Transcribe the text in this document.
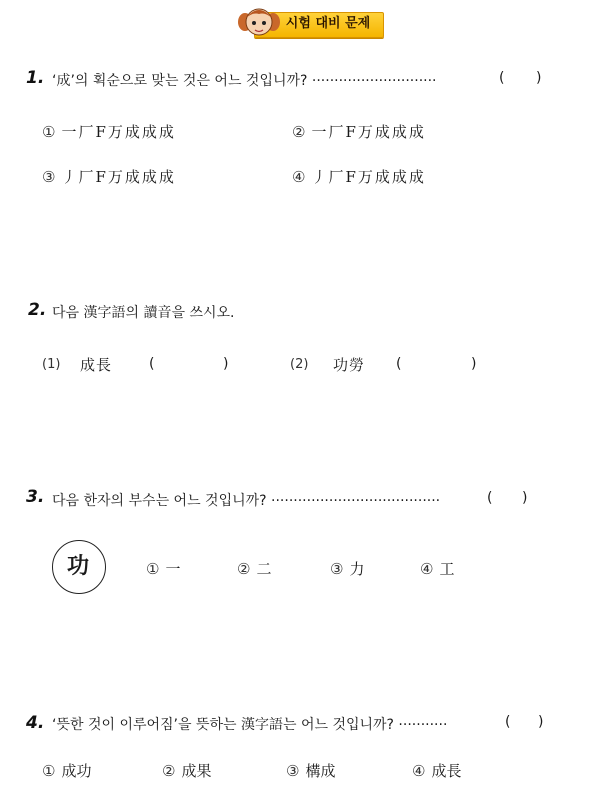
시험 대비 문제
1. ‘成’의 획순으로 맞는 것은 어느 것입니까? ····························	( )
① 一厂F万成成成	② 一厂F万成成成
③ 丿厂F万成成成	④ 丿厂F万成成成
2. 다음 漢字語의 讀音을 쓰시오.
(1) 成長	(	)	(2) 功勞 (	)
3. 다음 한자의 부수는 어느 것입니까? ······································	( )
功	① 一	② 二	③ 力	④ 工
4. ‘뜻한 것이 이루어짐’을 뜻하는 漢字語는 어느 것입니까? ···········	( )
① 成功	② 成果	③ 構成	④ 成長
